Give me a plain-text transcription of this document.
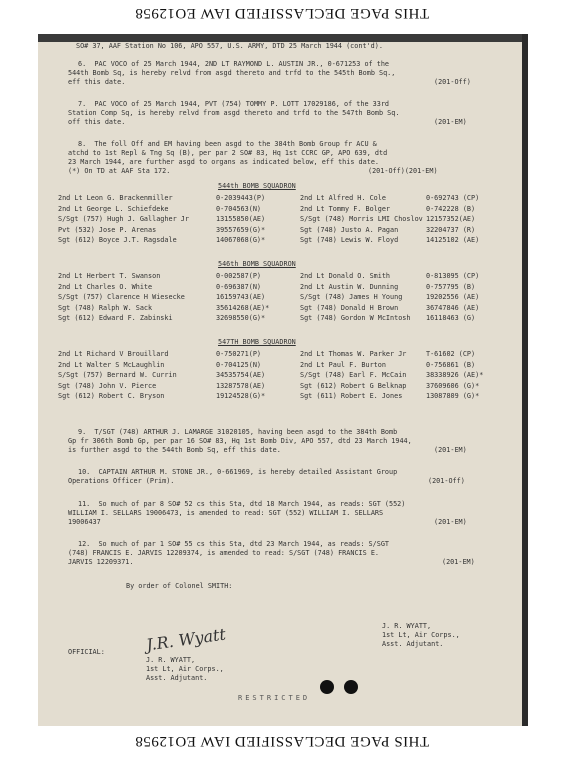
THIS PAGE DECLASSIFIED IAW EO12958
SO# 37, AAF Station No 106, APO 557, U.S. ARMY, DTD 25 March 1944 (cont'd).
6.  PAC VOCO of 25 March 1944, 2ND LT RAYMOND L. AUSTIN JR., 0-671253 of the
544th Bomb Sq, is hereby relvd from asgd thereto and trfd to the 545th Bomb Sq.,
eff this date.	(201-Off)
7.  PAC VOCO of 25 March 1944, PVT (754) TOMMY P. LOTT 17029186, of the 33rd
Station Comp Sq, is hereby relvd from asgd thereto and trfd to the 547th Bomb Sq.
off this date.	(201-EM)
8.  The foll Off and EM having been asgd to the 384th Bomb Group fr ACU &
atchd to 1st Repl & Tng Sq (B), per par 2 SO# 83, Hq 1st CCRC GP, APO 639, dtd
23 March 1944, are further asgd to organs as indicated below, eff this date.
(*) On TD at AAF Sta 172.	(201-Off)(201-EM)
544th BOMB SQUADRON
2nd Lt Leon G. Brackenmiller	0-2039443(P)	2nd Lt Alfred H. Cole	0-692743 (CP)
2nd Lt George L. Schiefdeke	0-704563(N)	2nd Lt Tommy F. Bolger	0-742228 (B)
S/Sgt (757) Hugh J. Gallagher Jr	13155850(AE)	S/Sgt (748) Morris LMI Choslov 12157352(AE)
Pvt (532) Jose P. Arenas	39557659(G)*	Sgt (748) Justo A. Pagan	32204737 (R)
Sgt (612) Boyce J.T. Ragsdale	14067068(G)*	Sgt (748) Lewis W. Floyd	14125102 (AE)
546th BOMB SQUADRON
2nd Lt Herbert T. Swanson	0-002587(P)	2nd Lt Donald O. Smith	0-813095 (CP)
2nd Lt Charles O. White	0-696387(N)	2nd Lt Austin W. Dunning	0-757795 (B)
S/Sgt (757) Clarence H Wiesecke	16159743(AE)	S/Sgt (748) James H Young	19202556 (AE)
Sgt (748) Ralph W. Sack	35614268(AE)*	Sgt (748) Donald H Brown	36747846 (AE)
Sgt (612) Edward F. Zabinski	32698550(G)*	Sgt (748) Gordon W McIntosh 16118463 (G)
547TH BOMB SQUADRON
2nd Lt Richard V Brouillard	0-750271(P)	2nd Lt Thomas W. Parker Jr	T-61602 (CP)
2nd Lt Walter S McLaughlin	0-704125(N)	2nd Lt Paul F. Burton	0-756861 (B)
S/Sgt (757) Bernard W. Currin	34535754(AE)	S/Sgt (748) Earl F. McCain	38338926 (AE)*
Sgt (748) John V. Pierce	13287578(AE)	Sgt (612) Robert G Belknap	37609606 (G)*
Sgt (612) Robert C. Bryson	19124528(G)*	Sgt (611) Robert E. Jones	13087809 (G)*
9.  T/SGT (748) ARTHUR J. LAMARGE 31020105, having been asgd to the 384th Bomb
Gp fr 306th Bomb Gp, per par 16 SO# 83, Hq 1st Bomb Div, APO 557, dtd 23 March 1944,
is further asgd to the 544th Bomb Sq, eff this date.	(201-EM)
10.  CAPTAIN ARTHUR M. STONE JR., 0-661969, is hereby detailed Assistant Group
Operations Officer (Prim).	(201-Off)
11.  So much of par 8 SO# 52 cs this Sta, dtd 18 March 1944, as reads: SGT (552)
WILLIAM I. SELLARS 19006473, is amended to read: SGT (552) WILLIAM I. SELLARS
19006437	(201-EM)
12.  So much of par 1 SO# 55 cs this Sta, dtd 23 March 1944, as reads: S/SGT
(748) FRANCIS E. JARVIS 12209374, is amended to read: S/SGT (748) FRANCIS E.
JARVIS 12209371.	(201-EM)
By order of Colonel SMITH:
J. R. WYATT,
1st Lt, Air Corps.,
Asst. Adjutant.
OFFICIAL:	J.R. Wyatt
J. R. WYATT,
1st Lt, Air Corps.,
Asst. Adjutant.
RESTRICTED
THIS PAGE DECLASSIFIED IAW EO12958
